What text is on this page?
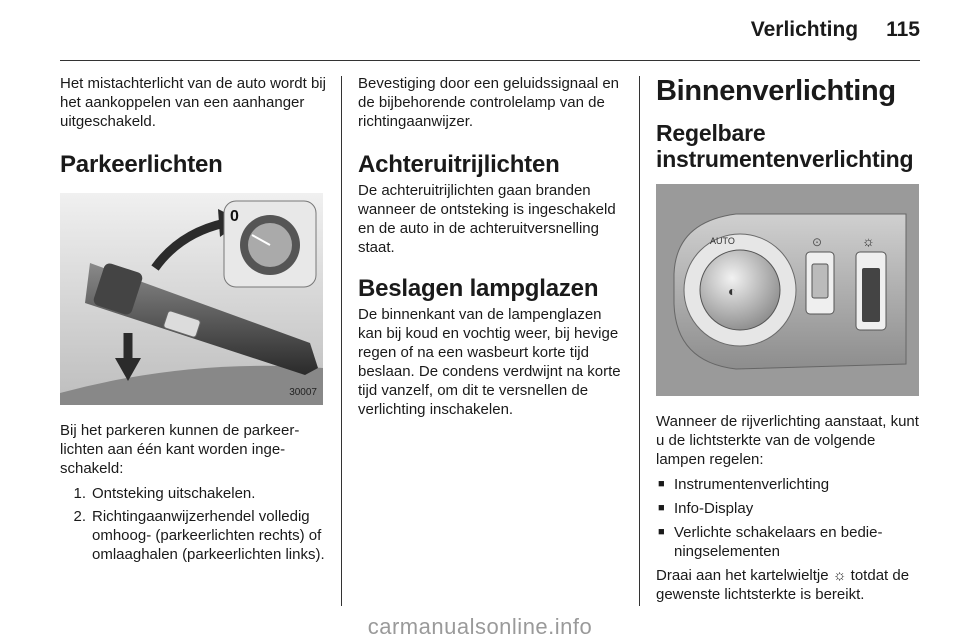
Verlichting 115

Het mistachterlicht van de auto wordt bij het aankoppelen van een aanhanger uitgeschakeld.

Parkeerlichten
0
30007

Bij het parkeren kunnen de parkeerlichten aan één kant worden ingeschakeld:

1. Ontsteking uitschakelen.
2. Richtingaanwijzerhendel volledig omhoog- (parkeerlichten rechts) of omlaaghalen (parkeerlichten links).

Bevestiging door een geluidssignaal en de bijbehorende controlelamp van de richtingaanwijzer.

Achteruitrijlichten

De achteruitrijlichten gaan branden wanneer de ontsteking is ingeschakeld en de auto in de achteruitversnelling staat.

Beslagen lampglazen

De binnenkant van de lampenglazen kan bij koud en vochtig weer, bij hevige regen of na een wasbeurt korte tijd beslaan. De condens verdwijnt na korte tijd vanzelf, om dit te versnellen de verlichting inschakelen.

Binnenverlichting
Regelbare instrumentenverlichting
AUTO
◐
☼
⊙

Wanneer de rijverlichting aanstaat, kunt u de lichtsterkte van de volgende lampen regelen:

■ Instrumentenverlichting
■ Info-Display
■ Verlichte schakelaars en bedieningselementen

Draai aan het kartelwieltje ☼ totdat de gewenste lichtsterkte is bereikt.

carmanualsonline.info
